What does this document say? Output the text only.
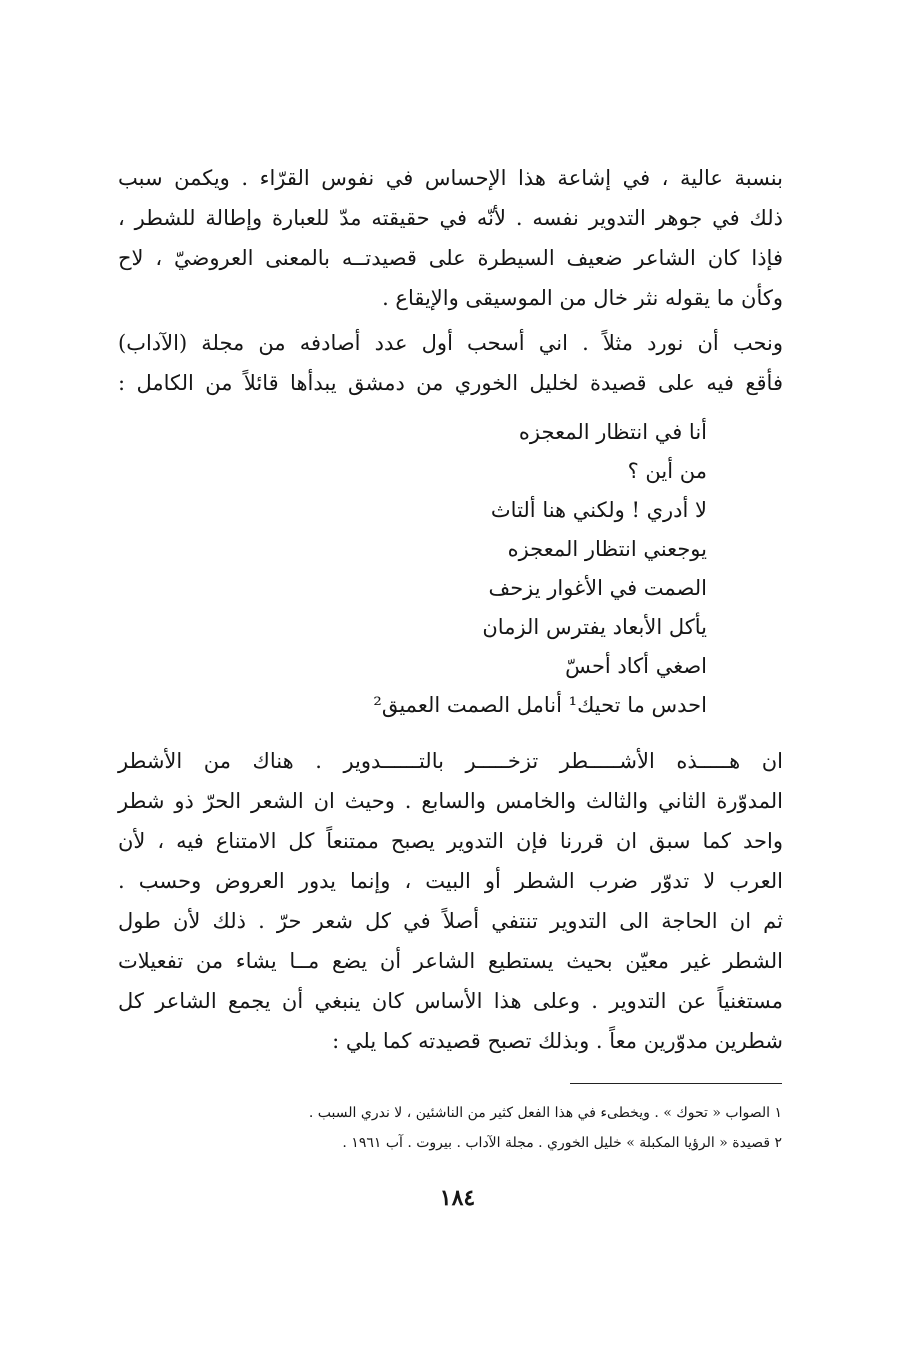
بنسبة عالية ، في إشاعة هذا الإحساس في نفوس القرّاء . ويكمن سبب
ذلك في جوهر التدوير نفسه . لأنّه في حقيقته مدّ للعبارة وإطالة للشطر ،
فإذا كان الشاعر ضعيف السيطرة على قصيدتــه بالمعنى العروضيّ ، لاح
وكأن ما يقوله نثر خال من الموسيقى والإيقاع .
ونحب أن نورد مثلاً . اني أسحب أول عدد أصادفه من مجلة (الآداب)
فأقع فيه على قصيدة لخليل الخوري من دمشق يبدأها قائلاً من الكامل :
أنا في انتظار المعجزه
من أين ؟
لا أدري ! ولكني هنا ألتاث
يوجعني انتظار المعجزه
الصمت في الأغوار يزحف
يأكل الأبعاد يفترس الزمان
اصغي أكاد أحسّ
احدس ما تحيك¹ أنامل الصمت العميق²
ان هـــــذه الأشـــــطر تزخـــــر بالتــــــدوير . هناك من الأشطر
المدوّرة الثاني والثالث والخامس والسابع . وحيث ان الشعر الحرّ ذو شطر
واحد كما سبق ان قررنا فإن التدوير يصبح ممتنعاً كل الامتناع فيه ، لأن
العرب لا تدوّر ضرب الشطر أو البيت ، وإنما يدور العروض وحسب .
ثم ان الحاجة الى التدوير تنتفي أصلاً في كل شعر حرّ . ذلك لأن طول
الشطر غير معيّن بحيث يستطيع الشاعر أن يضع مــا يشاء من تفعيلات
مستغنياً عن التدوير . وعلى هذا الأساس كان ينبغي أن يجمع الشاعر كل
شطرين مدوّرين معاً . وبذلك تصبح قصيدته كما يلي :
١ الصواب « تحوك » . ويخطىء في هذا الفعل كثير من الناشئين ، لا ندري السبب .
٢ قصيدة « الرؤيا المكبلة » خليل الخوري . مجلة الآداب . بيروت . آب ١٩٦١ .
١٨٤
